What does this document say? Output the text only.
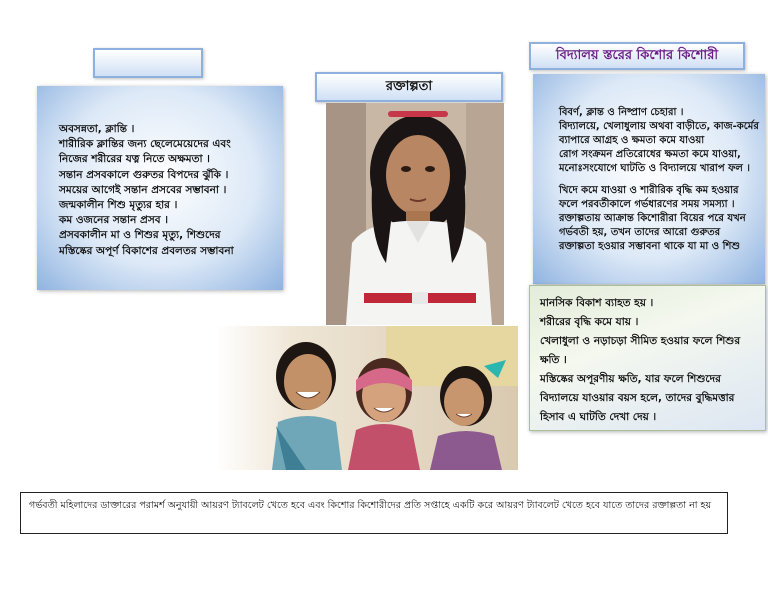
অবসন্নতা, ক্লান্তি ।

শারীরিক ক্লান্তির জন্য ছেলেমেয়েদের এবং

নিজের শরীরের যত্ন নিতে অক্ষমতা ।

সন্তান প্রসবকালে গুরুতর বিপদের ঝুঁকি ।

সময়ের আগেই সন্তান প্রসবের সম্ভাবনা ।

জন্মকালীন শিশু মৃত্যুর হার ।

কম ওজনের সন্তান প্রসব ।

প্রসবকালীন মা ও শিশুর মৃত্যু, শিশুদের

মস্তিষ্কের অপূর্ণ বিকাশের প্রবলতর সম্ভাবনা

রক্তাল্পতা
বিদ্যালয় স্তরের কিশোর কিশোরী

বিবর্ণ, ক্লান্ত ও নিষ্প্রাণ চেহারা ।

বিদ্যালয়ে, খেলাধুলায় অথবা বাড়ীতে, কাজ-কর্মের

ব্যাপারে আগ্রহ ও ক্ষমতা কমে যাওয়া

রোগ সংক্রমন প্রতিরোধের ক্ষমতা কমে যাওয়া,

মনোঃসংযোগে ঘাটতি ও বিদ্যালয়ে খারাপ ফল ।

খিদে কমে যাওয়া ও শারীরিক বৃদ্ধি কম হওয়ার

ফলে পরবর্তীকালে গর্ভধারণের সময় সমস্যা ।

রক্তাল্পতায় আক্রান্ত কিশোরীরা বিয়ের পরে যখন

গর্ভবতী হয়, তখন তাদের আরো গুরুতর

রক্তাল্পতা হওয়ার সম্ভাবনা থাকে যা মা ও শিশু

মানসিক বিকাশ ব্যাহত হয় ।

শরীরের বৃদ্ধি কমে যায় ।

খেলাধুলা ও নড়াচড়া সীমিত হওয়ার ফলে শিশুর

ক্ষতি ।

মস্তিষ্কের অপূরণীয় ক্ষতি, যার ফলে শিশুদের

বিদ্যালয়ে যাওয়ার বয়স হলে, তাদের বুদ্ধিমত্তার

হিসাব এ ঘাটতি দেখা দেয় ।

গর্ভবতী মহিলাদের ডাক্তারের পরামর্শ অনুযায়ী আয়রণ ট্যাবলেট খেতে হবে এবং কিশোর কিশোরীদের প্রতি সপ্তাহে একটি করে আয়রণ ট্যাবলেট খেতে হবে যাতে তাদের রক্তাল্পতা না হয়
